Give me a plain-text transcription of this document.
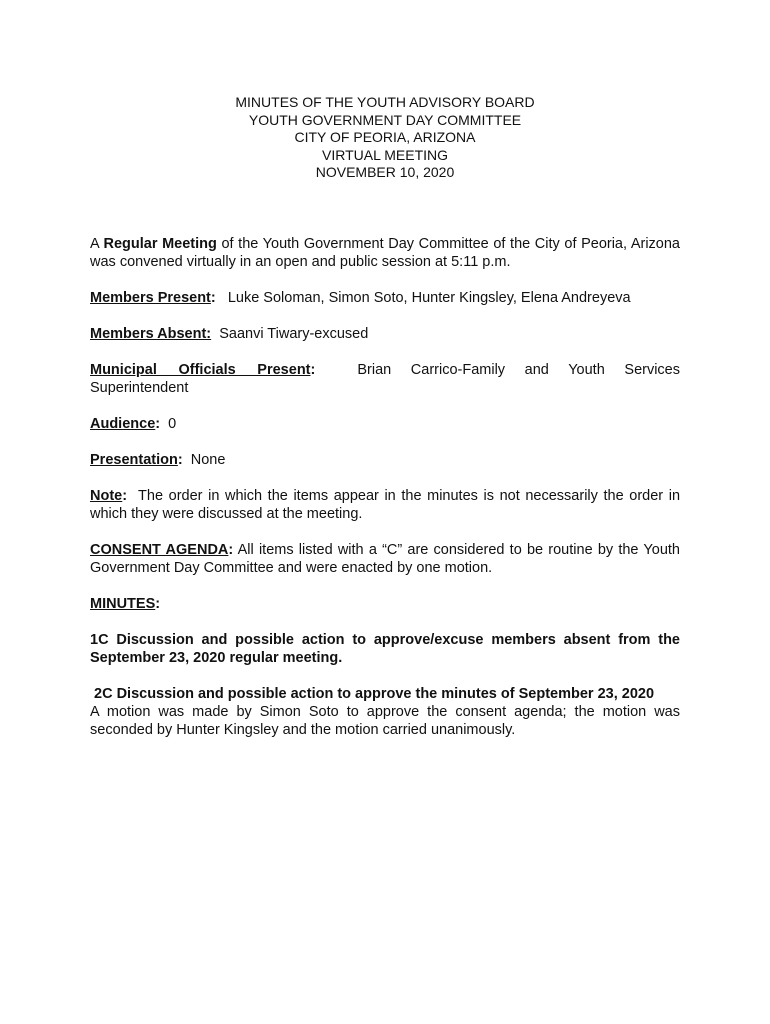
MINUTES OF THE YOUTH ADVISORY BOARD
YOUTH GOVERNMENT DAY COMMITTEE
CITY OF PEORIA, ARIZONA
VIRTUAL MEETING
NOVEMBER 10, 2020
A Regular Meeting of the Youth Government Day Committee of the City of Peoria, Arizona was convened virtually in an open and public session at 5:11 p.m.
Members Present: Luke Soloman, Simon Soto, Hunter Kingsley, Elena Andreyeva
Members Absent: Saanvi Tiwary-excused
Municipal Officials Present:	Brian Carrico-Family and Youth Services Superintendent
Audience: 0
Presentation: None
Note: The order in which the items appear in the minutes is not necessarily the order in which they were discussed at the meeting.
CONSENT AGENDA: All items listed with a “C” are considered to be routine by the Youth Government Day Committee and were enacted by one motion.
MINUTES:
1C Discussion and possible action to approve/excuse members absent from the September 23, 2020 regular meeting.
2C Discussion and possible action to approve the minutes of September 23, 2020
A motion was made by Simon Soto to approve the consent agenda; the motion was seconded by Hunter Kingsley and the motion carried unanimously.
